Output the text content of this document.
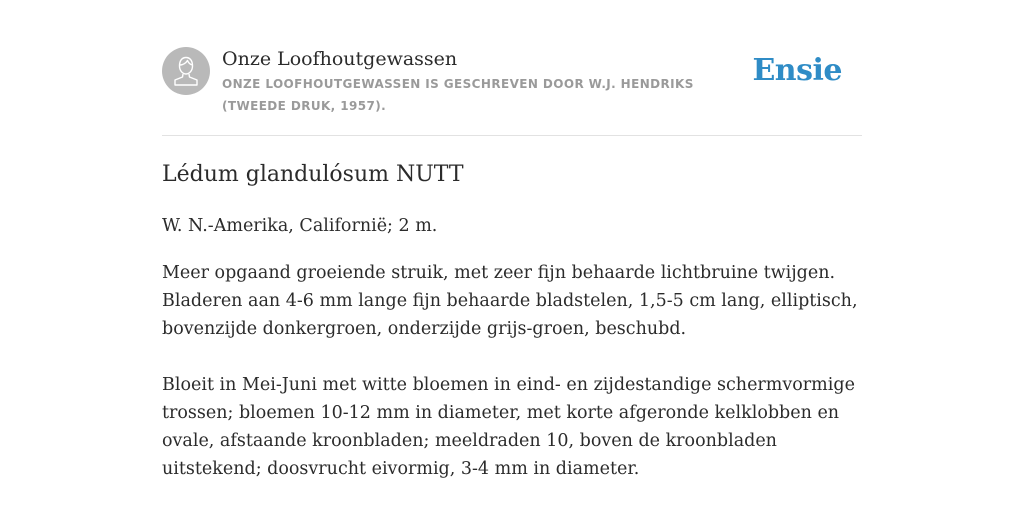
Onze Loofhoutgewassen
ONZE LOOFHOUTGEWASSEN IS GESCHREVEN DOOR W.J. HENDRIKS (TWEEDE DRUK, 1957).
Ensie
Lédum glandulósum NUTT

W. N.-Amerika, Californië; 2 m.

Meer opgaand groeiende struik, met zeer fijn behaarde lichtbruine twijgen. Bladeren aan 4-6 mm lange fijn behaarde bladstelen, 1,5-5 cm lang, elliptisch, bovenzijde donkergroen, onderzijde grijs-groen, beschubd.

Bloeit in Mei-Juni met witte bloemen in eind- en zijdestandige schermvormige trossen; bloemen 10-12 mm in diameter, met korte afgeronde kelklobben en ovale, afstaande kroonbladen; meeldraden 10, boven de kroonbladen uitstekend; doosvrucht eivormig, 3-4 mm in diameter.
